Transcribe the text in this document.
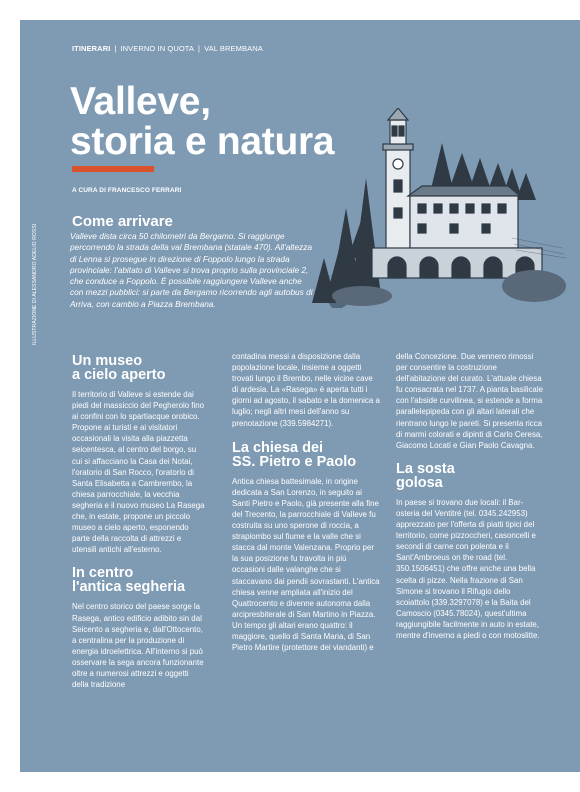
ITINERARI | INVERNO IN QUOTA | VAL BREMBANA
ILLUSTRAZIONE DI ALESSANDRO ADELIO ROSSI
Valleve,
storia e natura
A CURA DI FRANCESCO FERRARI
Come arrivare

Valleve dista circa 50 chilometri da Bergamo. Si raggiunge percorrendo la strada della val Brembana (statale 470). All'altezza di Lenna si prosegue in direzione di Foppolo lungo la strada provinciale: l'abitato di Valleve si trova proprio sulla provinciale 2, che conduce a Foppolo. È possibile raggiungere Valleve anche con mezzi pubblici: si parte da Bergamo ricorrendo agli autobus di Arriva, con cambio a Piazza Brembana.

Un museo
a cielo aperto

Il territorio di Valleve si estende dai piedi del massiccio del Pegherolo fino ai confini con lo spartiacque orobico. Propone ai turisti e ai visitatori occasionali la visita alla piazzetta seicentesca, al centro del borgo, su cui si affacciano la Casa dei Notai, l'oratorio di San Rocco, l'oratorio di Santa Elisabetta a Cambrembo, la chiesa parrocchiale, la vecchia segheria e il nuovo museo La Rasega che, in estate, propone un piccolo museo a cielo aperto, esponendo parte della raccolta di attrezzi e utensili antichi all'esterno.

In centro
l'antica segheria

Nel centro storico del paese sorge la Rasega, antico edificio adibito sin dal Seicento a segheria e, dall'Ottocento, a centralina per la produzione di energia idroelettrica. All'interno si può osservare la sega ancora funzionante oltre a numerosi attrezzi e oggetti della tradizione

contadina messi a disposizione dalla popolazione locale, insieme a oggetti trovati lungo il Brembo, nelle vicine cave di ardesia. La «Rasega» è aperta tutti i giorni ad agosto, il sabato e la domenica a luglio; negli altri mesi dell'anno su prenotazione (339.5984271).

La chiesa dei
SS. Pietro e Paolo

Antica chiesa battesimale, in origine dedicata a San Lorenzo, in seguito ai Santi Pietro e Paolo, già presente alla fine del Trecento, la parrocchiale di Valleve fu costruita su uno sperone di roccia, a strapiombo sul fiume e la valle che si stacca dal monte Valenzana. Proprio per la sua posizione fu travolta in più occasioni dalle valanghe che si staccavano dai pendii sovrastanti. L'antica chiesa venne ampliata all'inizio del Quattrocento e divenne autonoma dalla arcipresbiterale di San Martino in Piazza. Un tempo gli altari erano quattro: il maggiore, quello di Santa Maria, di San Pietro Martire (protettore dei viandanti) e

della Concezione. Due vennero rimossi per consentire la costruzione dell'abitazione del curato. L'attuale chiesa fu consacrata nel 1737. A pianta basilicale con l'abside curvilinea, si estende a forma parallelepipeda con gli altari laterali che rientrano lungo le pareti. Si presenta ricca di marmi colorati e dipinti di Carlo Ceresa, Giacomo Locati e Gian Paolo Cavagna.

La sosta
golosa

In paese si trovano due locali: il Bar-osteria del Ventitré (tel. 0345.242953) apprezzato per l'offerta di piatti tipici del territorio, come pizzoccheri, casoncelli e secondi di carne con polenta e il Sant'Ambroeus on the road (tel. 350.1506451) che offre anche una bella scelta di pizze. Nella frazione di San Simone si trovano il Rifugio dello scoiattolo (339.3297078) e la Baita del Camoscio (0345.78024), quest'ultima raggiungibile facilmente in auto in estate, mentre d'inverno a piedi o con motoslitte.
